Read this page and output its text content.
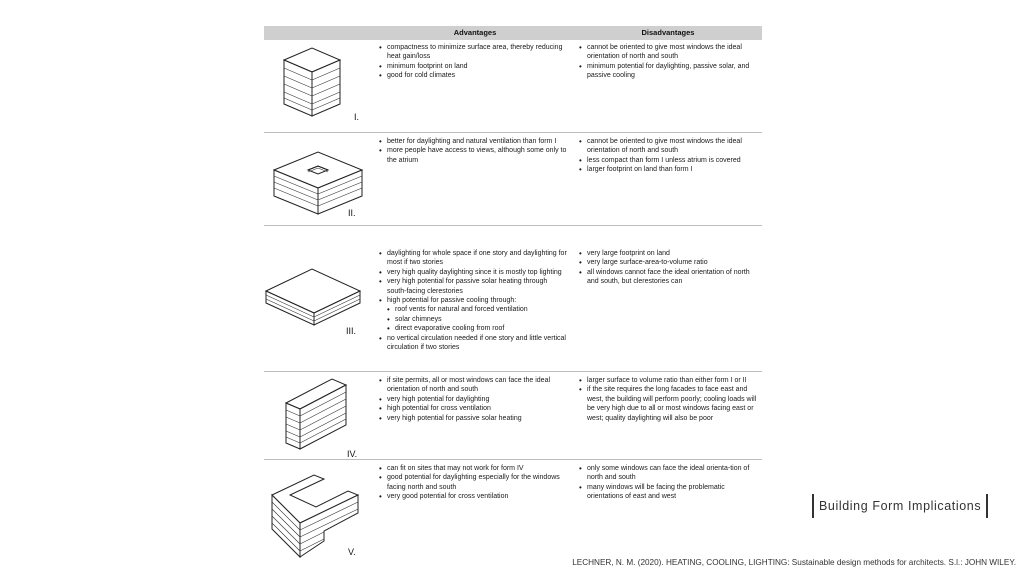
Advantages	Disadvantages
I.
• compactness to minimize surface area, thereby reducing heat gain/loss
• minimum footprint on land
• good for cold climates
• cannot be oriented to give most windows the ideal orientation of north and south
• minimum potential for daylighting, passive solar, and passive cooling
II.
• better for daylighting and natural ventilation than form I
• more people have access to views, although some only to the atrium
• cannot be oriented to give most windows the ideal orientation of north and south
• less compact than form I unless atrium is covered
• larger footprint on land than form I
III.
• daylighting for whole space if one story and daylighting for most if two stories
• very high quality daylighting since it is mostly top lighting
• very high potential for passive solar heating through south-facing clerestories
• high potential for passive cooling through:
• roof vents for natural and forced ventilation
• solar chimneys
• direct evaporative cooling from roof
• no vertical circulation needed if one story and little vertical circulation if two stories
• very large footprint on land
• very large surface-area-to-volume ratio
• all windows cannot face the ideal orientation of north and south, but clerestories can
IV.
• if site permits, all or most windows can face the ideal orientation of north and south
• very high potential for daylighting
• high potential for cross ventilation
• very high potential for passive solar heating
• larger surface to volume ratio than either form I or II
• if the site requires the long facades to face east and west, the building will perform poorly; cooling loads will be very high due to all or most windows facing east or west; quality daylighting will also be poor
V.
• can fit on sites that may not work for form IV
• good potential for daylighting especially for the windows facing north and south
• very good potential for cross ventilation
• only some windows can face the ideal orienta-tion of north and south
• many windows will be facing the problematic orientations of east and west
Building Form Implications
LECHNER, N. M. (2020). HEATING, COOLING, LIGHTING: Sustainable design methods for architects. S.l.: JOHN WILEY.
